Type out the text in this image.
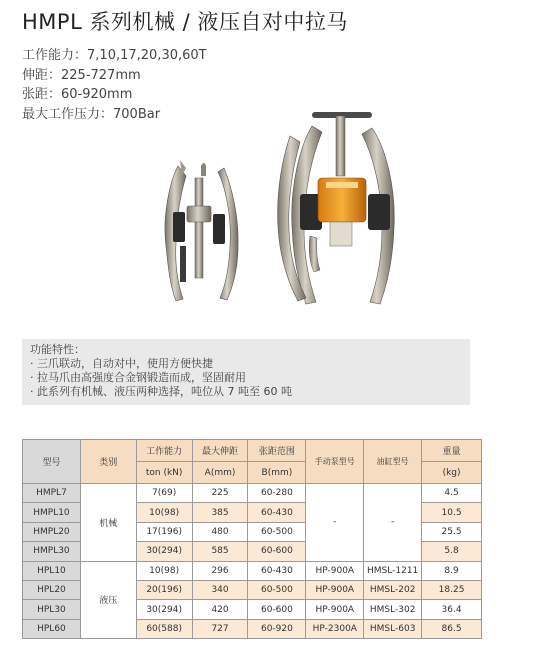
HMPL 系列机械 / 液压自对中拉马
工作能力：7,10,17,20,30,60T
伸距：225-727mm
张距：60-920mm
最大工作压力：700Bar
功能特性：
· 三爪联动，自动对中，使用方便快捷
· 拉马爪由高强度合金钢锻造而成，坚固耐用
· 此系列有机械、液压两种选择，吨位从 7 吨至 60 吨
型号	类别	工作能力	最大伸距	张距范围	手动泵型号	油缸型号	重量
		ton (kN)	A(mm)	B(mm)			(kg)
HMPL7	机械	7(69)	225	60-280	-	-	4.5
HMPL10		10(98)	385	60-430			10.5
HMPL20		17(196)	480	60-500			25.5
HMPL30		30(294)	585	60-600			5.8
HPL10	液压	10(98)	296	60-430	HP-900A	HMSL-1211	8.9
HPL20		20(196)	340	60-500	HP-900A	HMSL-202	18.25
HPL30		30(294)	420	60-600	HP-900A	HMSL-302	36.4
HPL60		60(588)	727	60-920	HP-2300A	HMSL-603	86.5
